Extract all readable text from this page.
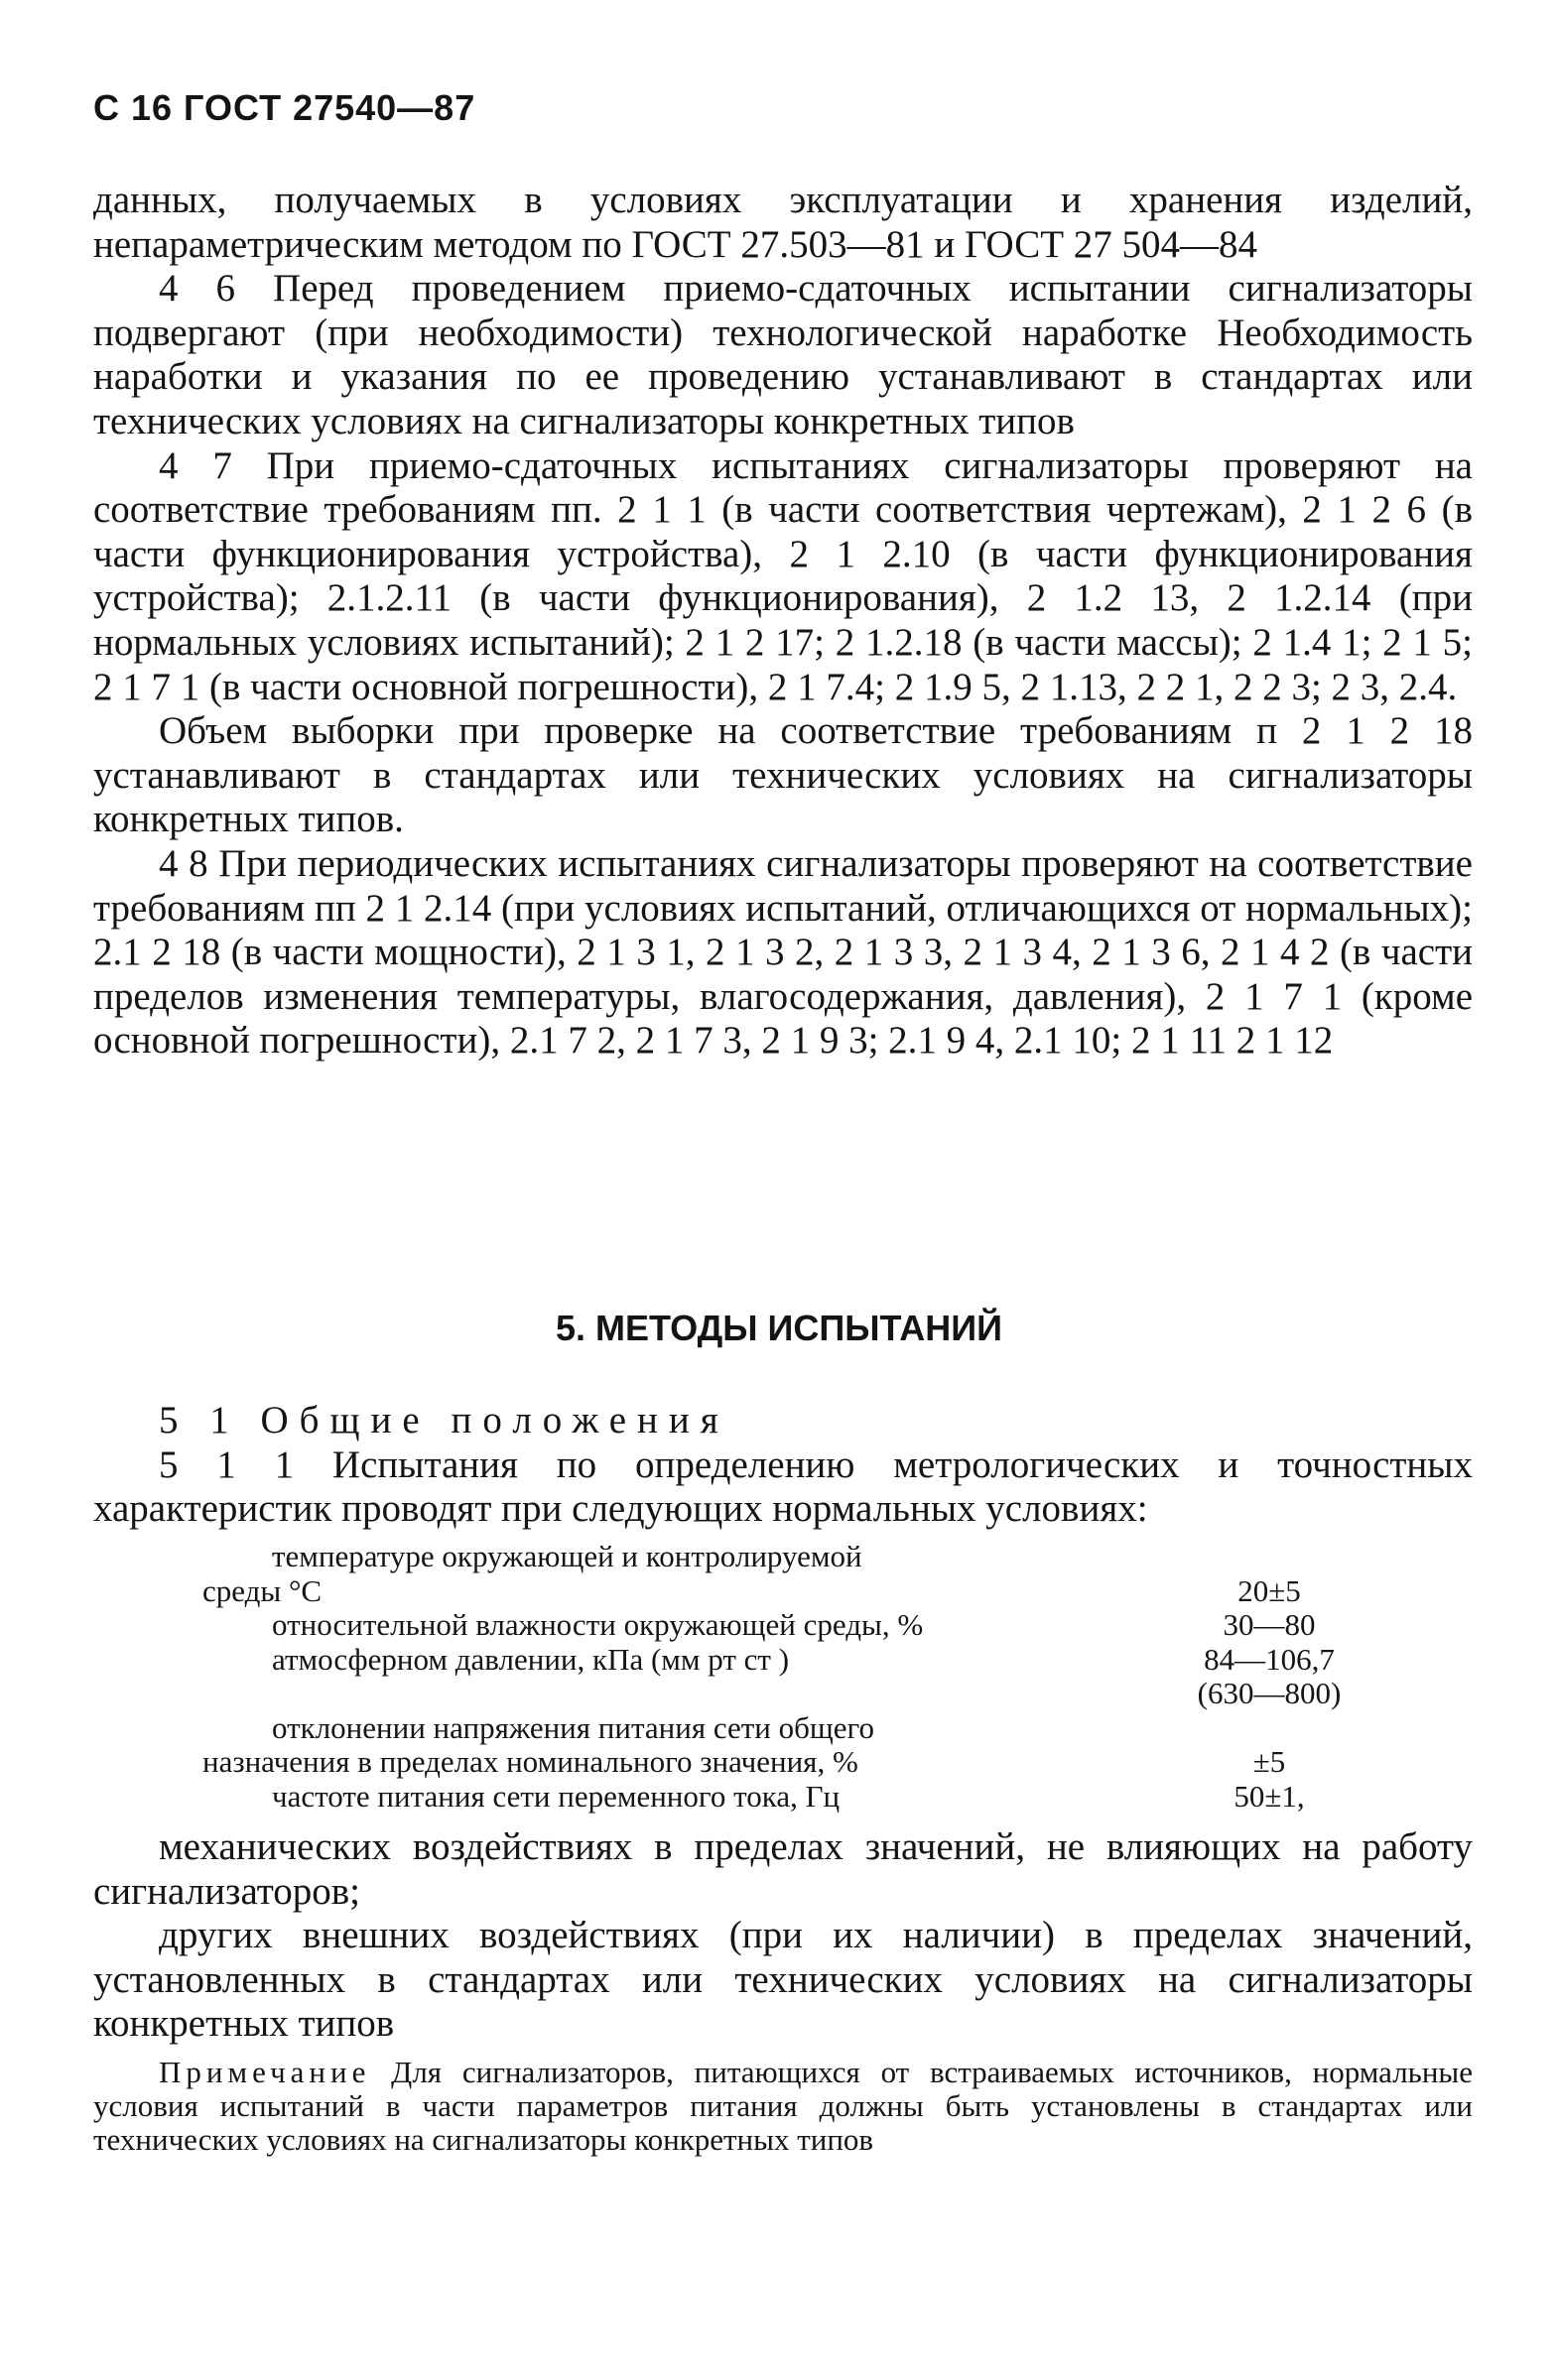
С 16 ГОСТ 27540—87

данных, получаемых в условиях эксплуатации и хранения изделий, непараметрическим методом по ГОСТ 27.503—81 и ГОСТ 27 504—84

4 6 Перед проведением приемо-сдаточных испытании сигнализаторы подвергают (при необходимости) технологической наработке Необходимость наработки и указания по ее проведению устанавливают в стандартах или технических условиях на сигнализаторы конкретных типов

4 7 При приемо-сдаточных испытаниях сигнализаторы проверяют на соответствие требованиям пп. 2 1 1 (в части соответствия чертежам), 2 1 2 6 (в части функционирования устройства), 2 1 2.10 (в части функционирования устройства); 2.1.2.11 (в части функционирования), 2 1.2 13, 2 1.2.14 (при нормальных условиях испытаний); 2 1 2 17; 2 1.2.18 (в части массы); 2 1.4 1; 2 1 5; 2 1 7 1 (в части основной погрешности), 2 1 7.4; 2 1.9 5, 2 1.13, 2 2 1, 2 2 3; 2 3, 2.4.

Объем выборки при проверке на соответствие требованиям п 2 1 2 18 устанавливают в стандартах или технических условиях на сигнализаторы конкретных типов.

4 8 При периодических испытаниях сигнализаторы проверяют на соответствие требованиям пп 2 1 2.14 (при условиях испытаний, отличающихся от нормальных); 2.1 2 18 (в части мощности), 2 1 3 1, 2 1 3 2, 2 1 3 3, 2 1 3 4, 2 1 3 6, 2 1 4 2 (в части пределов изменения температуры, влагосодержания, давления), 2 1 7 1 (кроме основной погрешности), 2.1 7 2, 2 1 7 3, 2 1 9 3; 2.1 9 4, 2.1 10; 2 1 11 2 1 12

5. МЕТОДЫ ИСПЫТАНИЙ

5 1 Общие положения

5 1 1 Испытания по определению метрологических и точностных характеристик проводят при следующих нормальных условиях:

температуре окружающей и контролируемой
среды °С	20±5
относительной влажности окружающей среды, %	30—80
атмосферном давлении, кПа (мм рт ст )	84—106,7
(630—800)
отклонении напряжения питания сети общего
назначения в пределах номинального значения, %	±5
частоте питания сети переменного тока, Гц	50±1,

механических воздействиях в пределах значений, не влияющих на работу сигнализаторов;

других внешних воздействиях (при их наличии) в пределах значений, установленных в стандартах или технических условиях на сигнализаторы конкретных типов

Примечание Для сигнализаторов, питающихся от встраиваемых источников, нормальные условия испытаний в части параметров питания должны быть установлены в стандартах или технических условиях на сигнализаторы конкретных типов
